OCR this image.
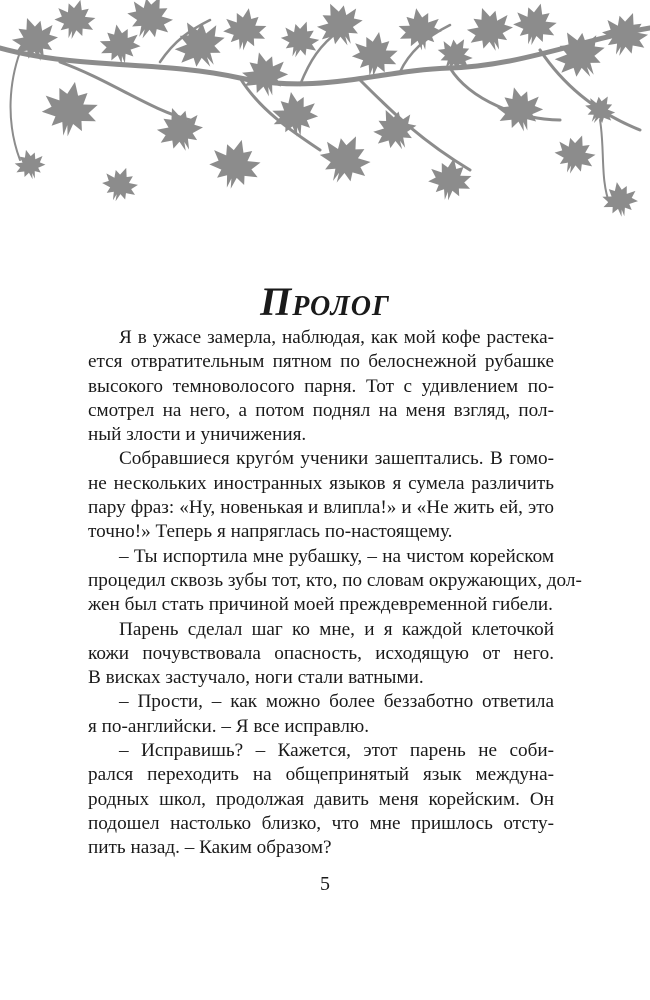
Пролог

Я в ужасе замерла, наблюдая, как мой кофе растека-
ется отвратительным пятном по белоснежной рубашке
высокого темноволосого парня. Тот с удивлением по-
смотрел на него, а потом поднял на меня взгляд, пол-
ный злости и уничижения.

Собравшиеся кругóм ученики зашептались. В гомо-
не нескольких иностранных языков я сумела различить
пару фраз: «Ну, новенькая и влипла!» и «Не жить ей, это
точно!» Теперь я напряглась по-настоящему.

– Ты испортила мне рубашку, – на чистом корейском
процедил сквозь зубы тот, кто, по словам окружающих, дол-
жен был стать причиной моей преждевременной гибели.

Парень сделал шаг ко мне, и я каждой клеточкой
кожи почувствовала опасность, исходящую от него.
В висках застучало, ноги стали ватными.

– Прости, – как можно более беззаботно ответила
я по-английски. – Я все исправлю.

– Исправишь? – Кажется, этот парень не соби-
рался переходить на общепринятый язык междуна-
родных школ, продолжая давить меня корейским. Он
подошел настолько близко, что мне пришлось отсту-
пить назад. – Каким образом?

5
